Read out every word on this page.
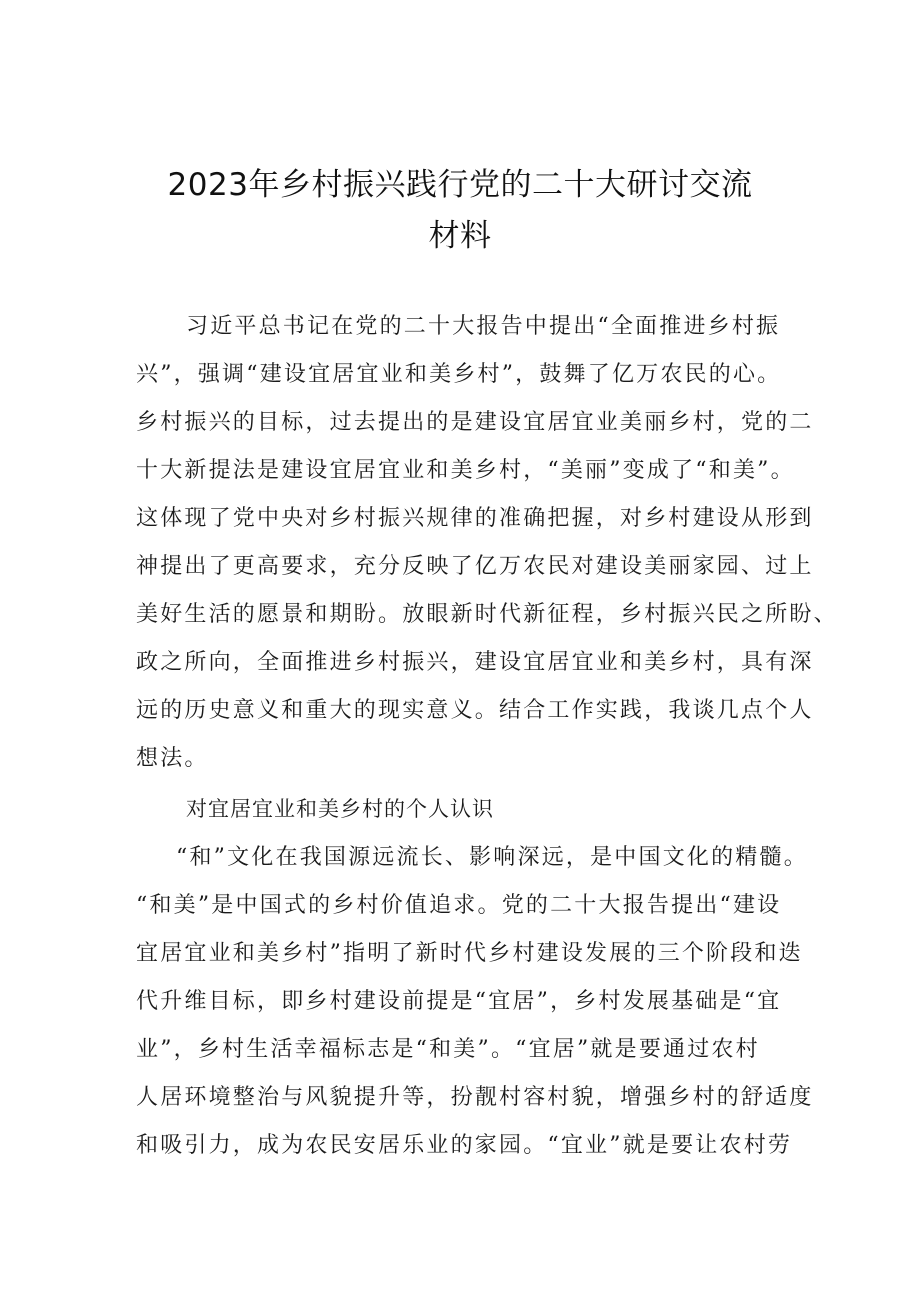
2023年乡村振兴践行党的二十大研讨交流
材料
习近平总书记在党的二十大报告中提出“全面推进乡村振
兴”，强调“建设宜居宜业和美乡村”，鼓舞了亿万农民的心。
乡村振兴的目标，过去提出的是建设宜居宜业美丽乡村，党的二
十大新提法是建设宜居宜业和美乡村，“美丽”变成了“和美”。
这体现了党中央对乡村振兴规律的准确把握，对乡村建设从形到
神提出了更高要求，充分反映了亿万农民对建设美丽家园、过上
美好生活的愿景和期盼。放眼新时代新征程，乡村振兴民之所盼、
政之所向，全面推进乡村振兴，建设宜居宜业和美乡村，具有深
远的历史意义和重大的现实意义。结合工作实践，我谈几点个人
想法。
对宜居宜业和美乡村的个人认识
“和”文化在我国源远流长、影响深远，是中国文化的精髓。
“和美”是中国式的乡村价值追求。党的二十大报告提出“建设
宜居宜业和美乡村”指明了新时代乡村建设发展的三个阶段和迭
代升维目标，即乡村建设前提是“宜居”，乡村发展基础是“宜
业”，乡村生活幸福标志是“和美”。“宜居”就是要通过农村
人居环境整治与风貌提升等，扮靓村容村貌，增强乡村的舒适度
和吸引力，成为农民安居乐业的家园。“宜业”就是要让农村劳
